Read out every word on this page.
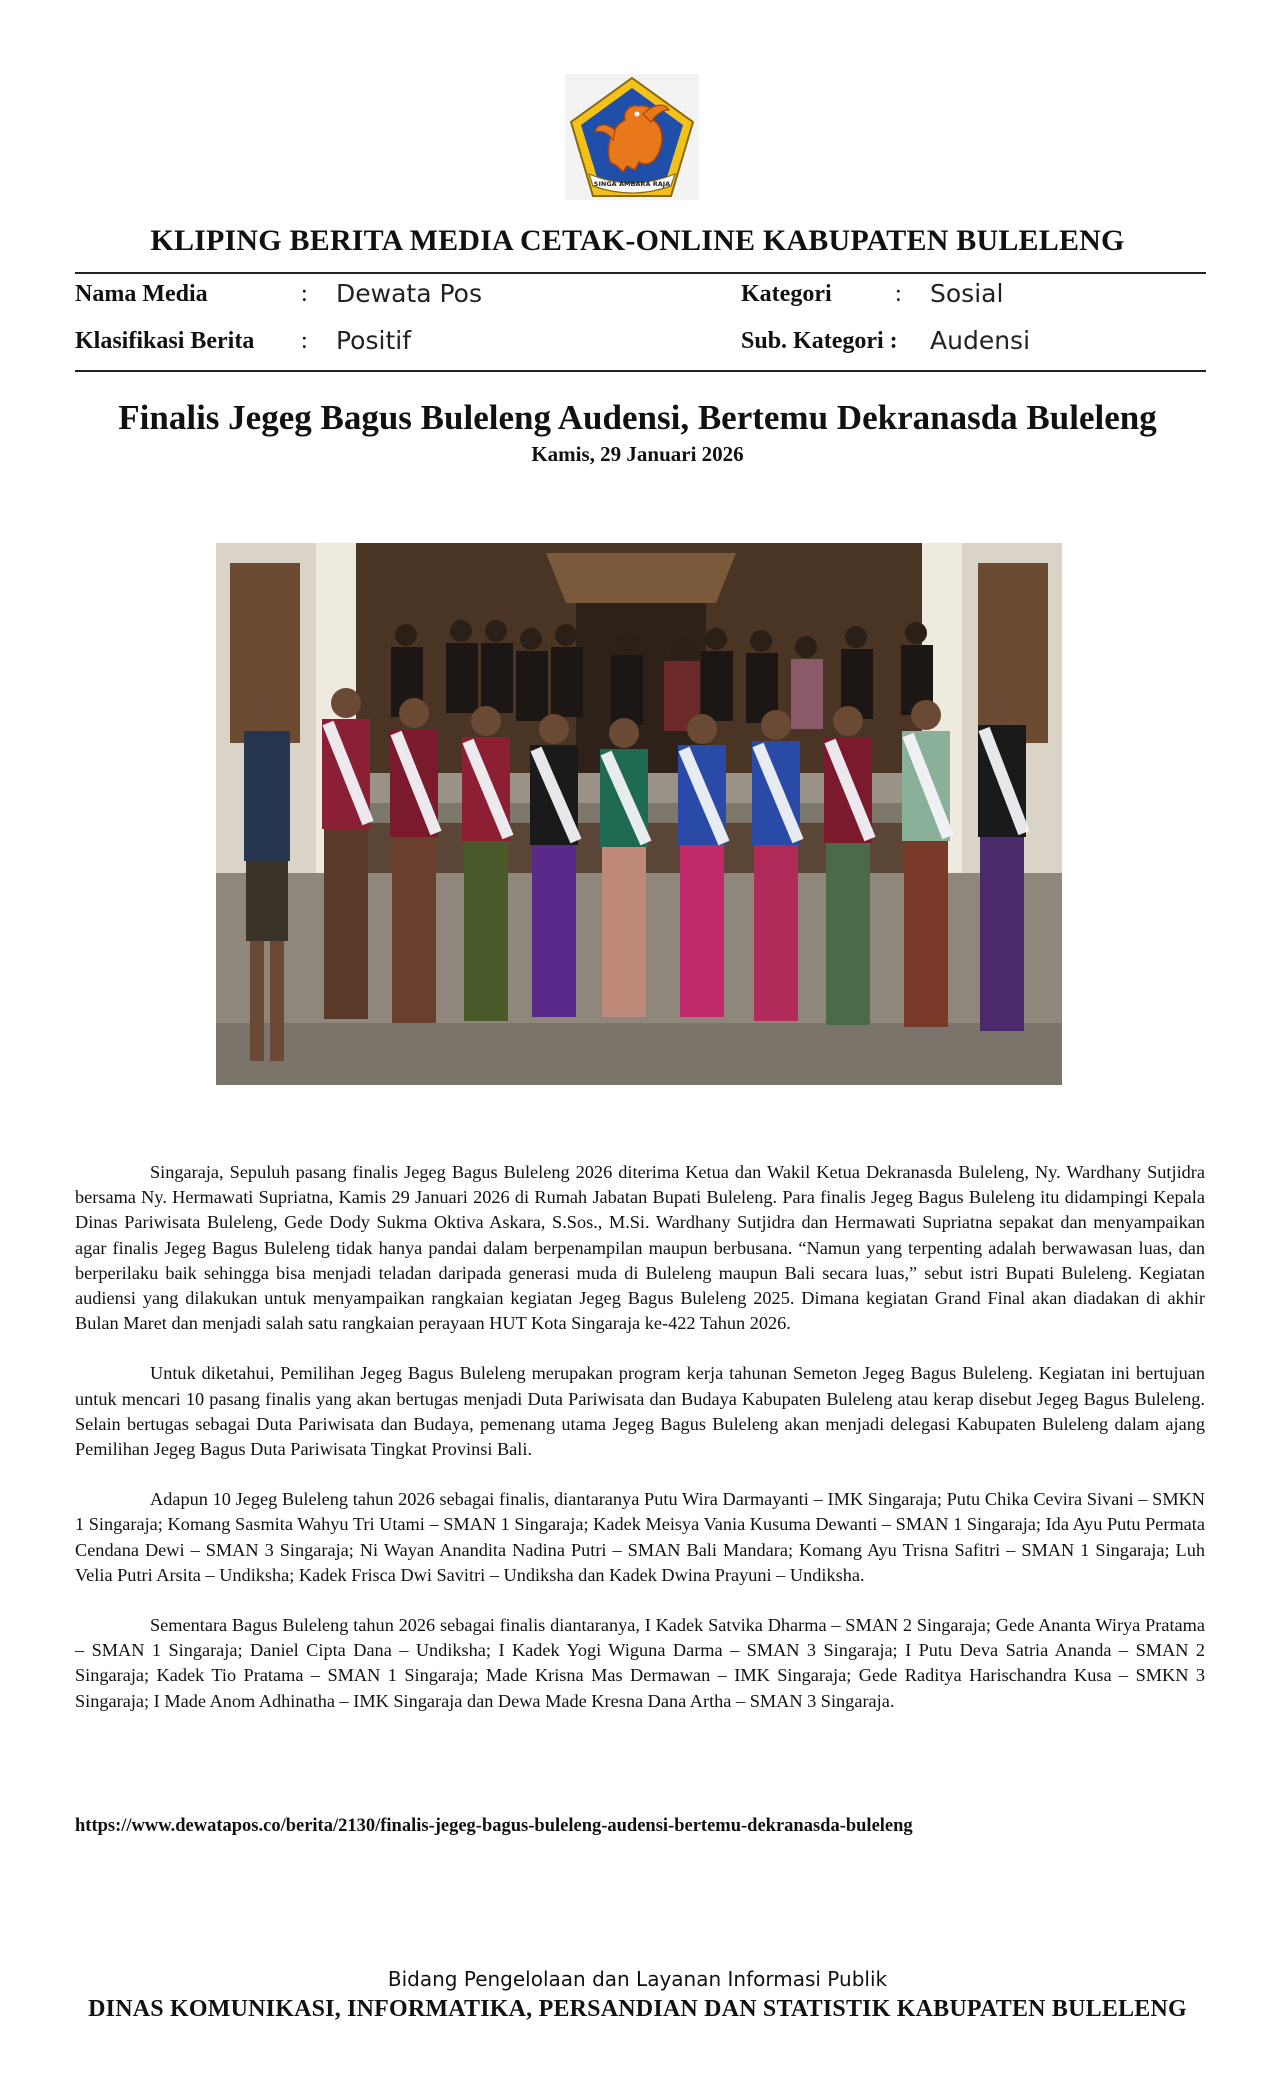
SINGA AMBARA RAJA
KLIPING BERITA MEDIA CETAK-ONLINE KABUPATEN BULELENG
Nama Media	: Dewata Pos	Kategori	: Sosial
Klasifikasi Berita : Positif	Sub. Kategori : Audensi
Finalis Jegeg Bagus Buleleng Audensi, Bertemu Dekranasda Buleleng
Kamis, 29 Januari 2026

Singaraja, Sepuluh pasang finalis Jegeg Bagus Buleleng 2026 diterima Ketua dan Wakil Ketua Dekranasda Buleleng, Ny. Wardhany Sutjidra bersama Ny. Hermawati Supriatna, Kamis 29 Januari 2026 di Rumah Jabatan Bupati Buleleng. Para finalis Jegeg Bagus Buleleng itu didampingi Kepala Dinas Pariwisata Buleleng, Gede Dody Sukma Oktiva Askara, S.Sos., M.Si. Wardhany Sutjidra dan Hermawati Supriatna sepakat dan menyampaikan agar finalis Jegeg Bagus Buleleng tidak hanya pandai dalam berpenampilan maupun berbusana. “Namun yang terpenting adalah berwawasan luas, dan berperilaku baik sehingga bisa menjadi teladan daripada generasi muda di Buleleng maupun Bali secara luas,” sebut istri Bupati Buleleng. Kegiatan audiensi yang dilakukan untuk menyampaikan rangkaian kegiatan Jegeg Bagus Buleleng 2025. Dimana kegiatan Grand Final akan diadakan di akhir Bulan Maret dan menjadi salah satu rangkaian perayaan HUT Kota Singaraja ke-422 Tahun 2026.

Untuk diketahui, Pemilihan Jegeg Bagus Buleleng merupakan program kerja tahunan Semeton Jegeg Bagus Buleleng. Kegiatan ini bertujuan untuk mencari 10 pasang finalis yang akan bertugas menjadi Duta Pariwisata dan Budaya Kabupaten Buleleng atau kerap disebut Jegeg Bagus Buleleng. Selain bertugas sebagai Duta Pariwisata dan Budaya, pemenang utama Jegeg Bagus Buleleng akan menjadi delegasi Kabupaten Buleleng dalam ajang Pemilihan Jegeg Bagus Duta Pariwisata Tingkat Provinsi Bali.

Adapun 10 Jegeg Buleleng tahun 2026 sebagai finalis, diantaranya Putu Wira Darmayanti – IMK Singaraja; Putu Chika Cevira Sivani – SMKN 1 Singaraja; Komang Sasmita Wahyu Tri Utami – SMAN 1 Singaraja; Kadek Meisya Vania Kusuma Dewanti – SMAN 1 Singaraja; Ida Ayu Putu Permata Cendana Dewi – SMAN 3 Singaraja; Ni Wayan Anandita Nadina Putri – SMAN Bali Mandara; Komang Ayu Trisna Safitri – SMAN 1 Singaraja; Luh Velia Putri Arsita – Undiksha; Kadek Frisca Dwi Savitri – Undiksha dan Kadek Dwina Prayuni – Undiksha.

Sementara Bagus Buleleng tahun 2026 sebagai finalis diantaranya, I Kadek Satvika Dharma – SMAN 2 Singaraja; Gede Ananta Wirya Pratama – SMAN 1 Singaraja; Daniel Cipta Dana – Undiksha; I Kadek Yogi Wiguna Darma – SMAN 3 Singaraja; I Putu Deva Satria Ananda – SMAN 2 Singaraja; Kadek Tio Pratama – SMAN 1 Singaraja; Made Krisna Mas Dermawan – IMK Singaraja; Gede Raditya Harischandra Kusa – SMKN 3 Singaraja; I Made Anom Adhinatha – IMK Singaraja dan Dewa Made Kresna Dana Artha – SMAN 3 Singaraja.

https://www.dewatapos.co/berita/2130/finalis-jegeg-bagus-buleleng-audensi-bertemu-dekranasda-buleleng
Bidang Pengelolaan dan Layanan Informasi Publik
DINAS KOMUNIKASI, INFORMATIKA, PERSANDIAN DAN STATISTIK KABUPATEN BULELENG
